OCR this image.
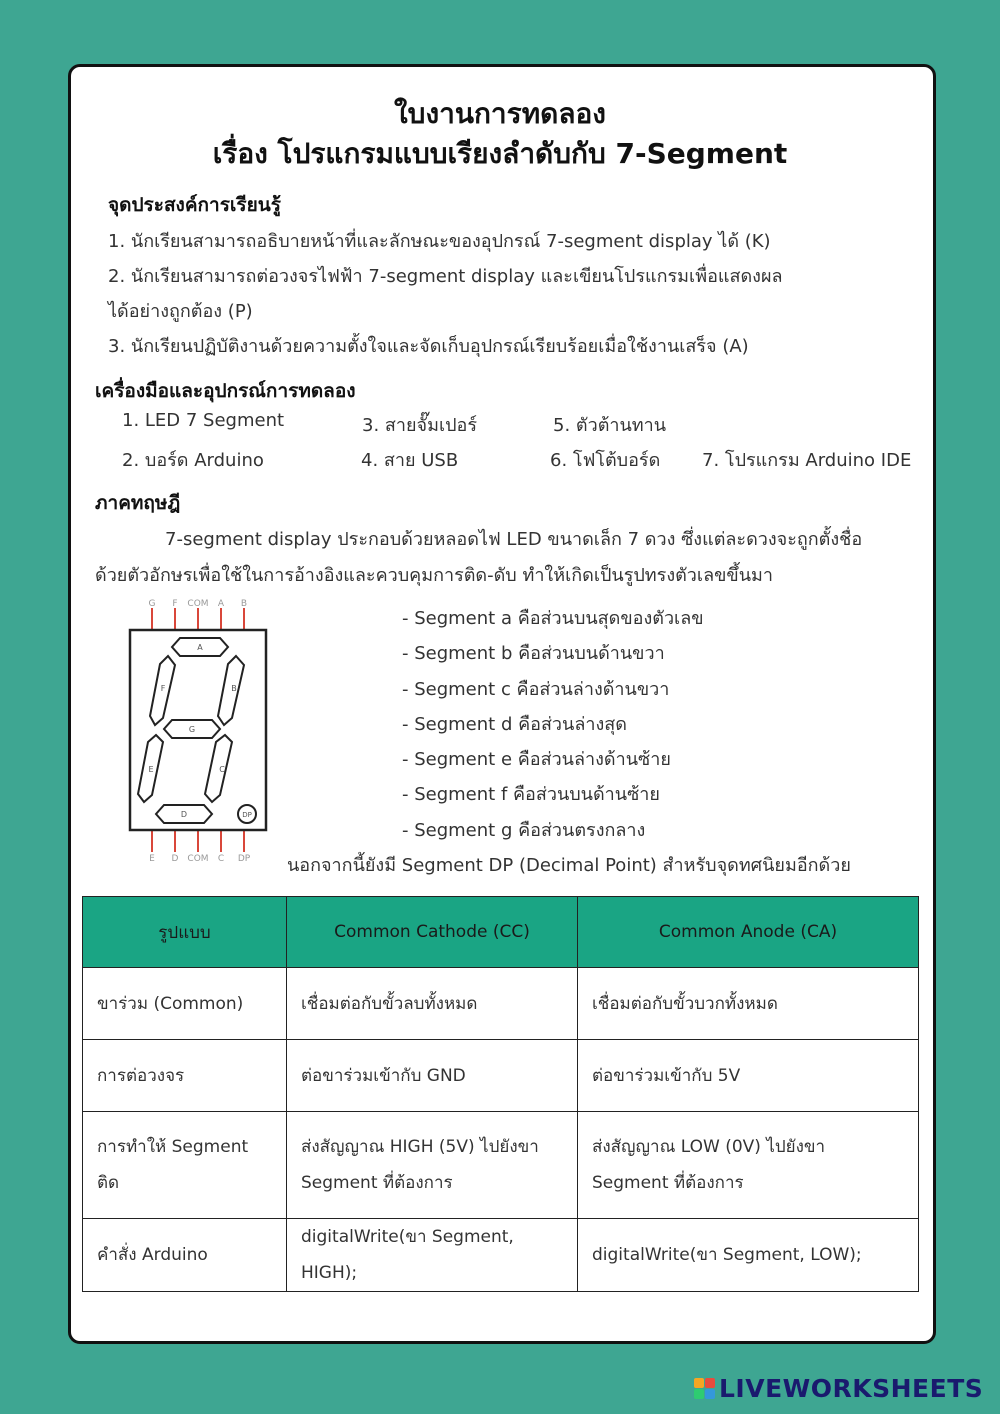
ใบงานการทดลอง
เรื่อง โปรแกรมแบบเรียงลำดับกับ 7-Segment
จุดประสงค์การเรียนรู้
1. นักเรียนสามารถอธิบายหน้าที่และลักษณะของอุปกรณ์ 7-segment display ได้ (K)
2. นักเรียนสามารถต่อวงจรไฟฟ้า 7-segment display และเขียนโปรแกรมเพื่อแสดงผล
ได้อย่างถูกต้อง (P)
3. นักเรียนปฏิบัติงานด้วยความตั้งใจและจัดเก็บอุปกรณ์เรียบร้อยเมื่อใช้งานเสร็จ (A)
เครื่องมือและอุปกรณ์การทดลอง
1. LED 7 Segment	3. สายจั๊มเปอร์	5. ตัวต้านทาน
2. บอร์ด Arduino	4. สาย USB	6. โฟโต้บอร์ด 7. โปรแกรม Arduino IDE
ภาคทฤษฎี
7-segment display ประกอบด้วยหลอดไฟ LED ขนาดเล็ก 7 ดวง ซึ่งแต่ละดวงจะถูกตั้งชื่อ
ด้วยตัวอักษรเพื่อใช้ในการอ้างอิงและควบคุมการติด-ดับ ทำให้เกิดเป็นรูปทรงตัวเลขขึ้นมา
G F COM A B
E D COM C DP
A
B
C
D
E
F
G
DP
- Segment a คือส่วนบนสุดของตัวเลข
- Segment b คือส่วนบนด้านขวา
- Segment c คือส่วนล่างด้านขวา
- Segment d คือส่วนล่างสุด
- Segment e คือส่วนล่างด้านซ้าย
- Segment f คือส่วนบนด้านซ้าย
- Segment g คือส่วนตรงกลาง
นอกจากนี้ยังมี Segment DP (Decimal Point) สำหรับจุดทศนิยมอีกด้วย
รูปแบบ	Common Cathode (CC)	Common Anode (CA)
ขาร่วม (Common)	เชื่อมต่อกับขั้วลบทั้งหมด	เชื่อมต่อกับขั้วบวกทั้งหมด
การต่อวงจร	ต่อขาร่วมเข้ากับ GND	ต่อขาร่วมเข้ากับ 5V
การทำให้ Segment ติด	ส่งสัญญาณ HIGH (5V) ไปยังขา Segment ที่ต้องการ	ส่งสัญญาณ LOW (0V) ไปยังขา Segment ที่ต้องการ
คำสั่ง Arduino	digitalWrite(ขา Segment, HIGH);	digitalWrite(ขา Segment, LOW);
LIVEWORKSHEETS
